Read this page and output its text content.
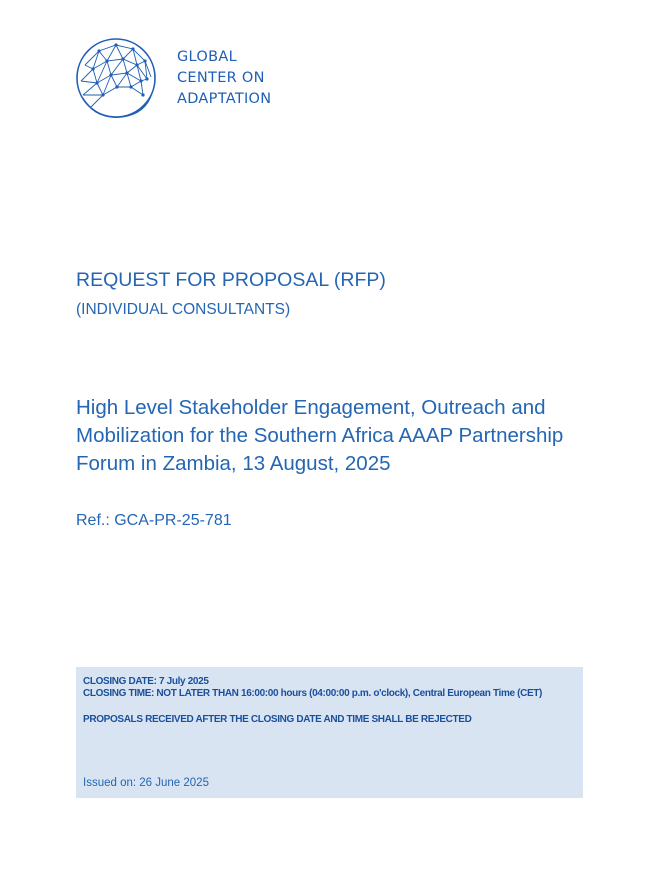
GLOBAL
CENTER ON
ADAPTATION
REQUEST FOR PROPOSAL (RFP)
(INDIVIDUAL CONSULTANTS)
High Level Stakeholder Engagement, Outreach and Mobilization for the Southern Africa AAAP Partnership Forum in Zambia, 13 August, 2025
Ref.: GCA-PR-25-781
CLOSING DATE: 7 July 2025
CLOSING TIME: NOT LATER THAN 16:00:00 hours (04:00:00 p.m. o'clock), Central European Time (CET)
PROPOSALS RECEIVED AFTER THE CLOSING DATE AND TIME SHALL BE REJECTED
Issued on: 26 June 2025
